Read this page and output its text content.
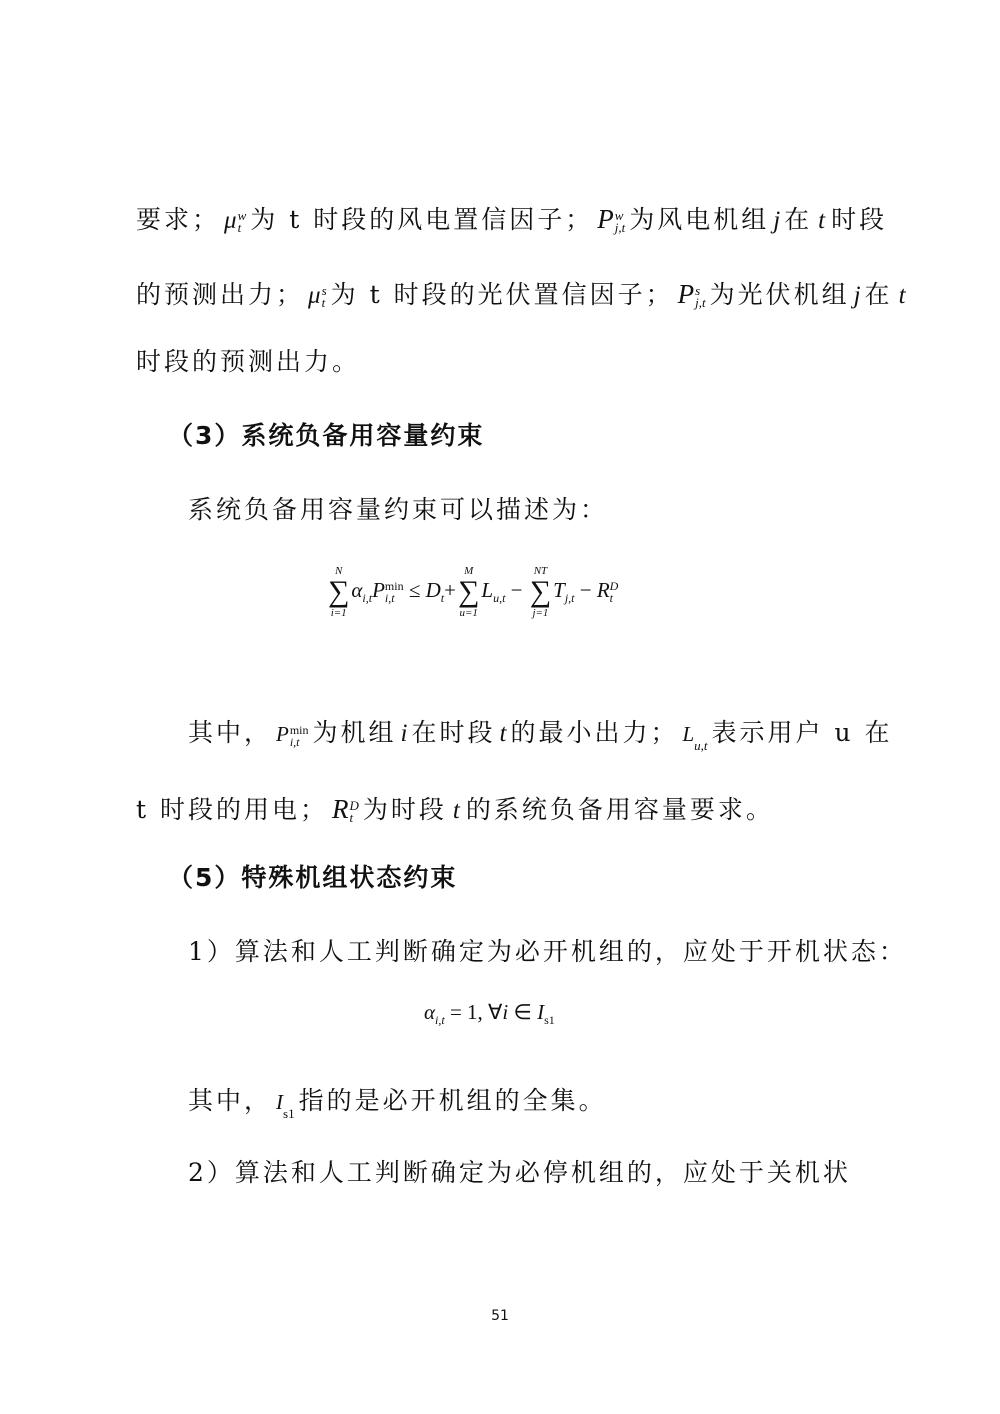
要求； μ w
t 为 t 时段的风电置信因子； P w
j,t 为风电机组 j 在 t 时段
的预测出力； μ s
t 为 t 时段的光伏置信因子； P s
j,t 为光伏机组 j 在 t
时段的预测出力。
（3）系统负备用容量约束
系统负备用容量约束可以描述为：
N
∑
i=1
$\alpha_{i,t}P$ min
$i,t \le D_t+$
M
∑
u=1
$L_{u,t}$ −
NT
∑
j=1
$T_{j,t} - R$ D
t
其中， P min
i,t 为机组 i 在时段 t 的最小出力； $L_{u,t}$ 表示用户 u 在
t 时段的用电； R D
t 为时段 t 的系统负备用容量要求。
（5）特殊机组状态约束
1）算法和人工判断确定为必开机组的，应处于开机状态：
$\alpha_{i,t} = 1$, ∀i ∈ $I_{s1}$
其中， $I_{s1}$ 指的是必开机组的全集。
2）算法和人工判断确定为必停机组的，应处于关机状
51
